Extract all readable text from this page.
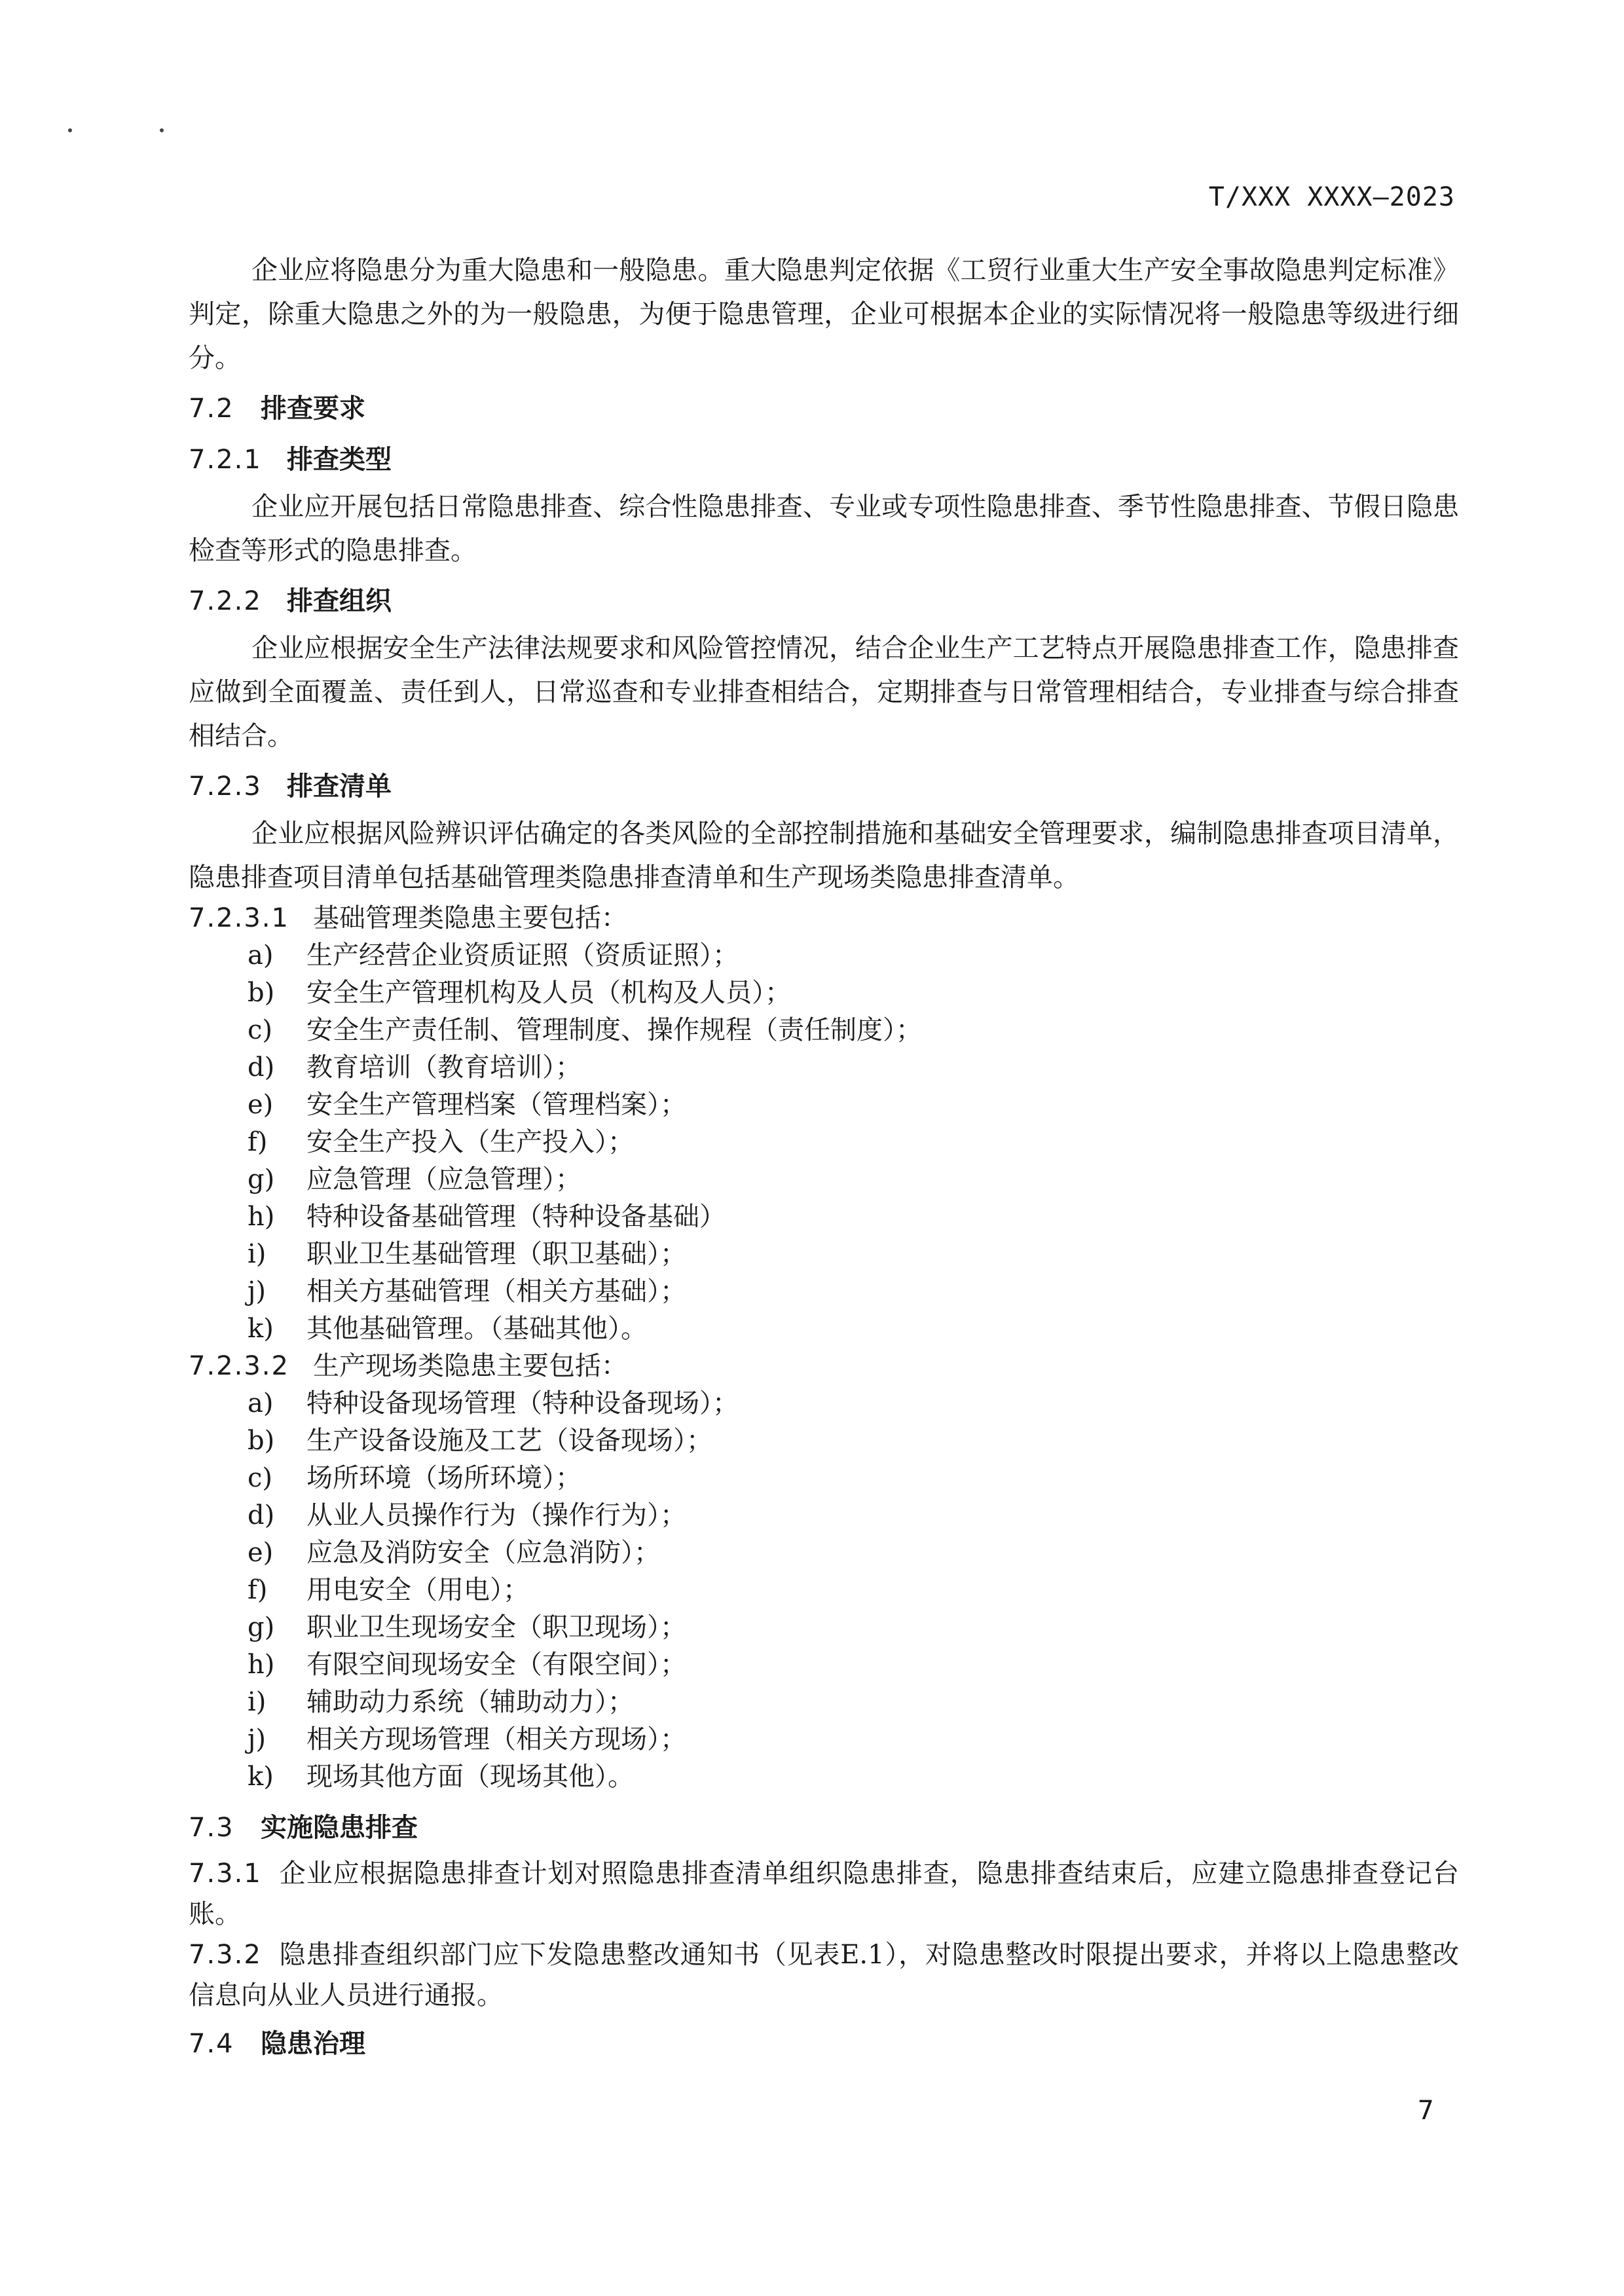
T/XXX XXXX—2023

企业应将隐患分为重大隐患和一般隐患。重大隐患判定依据《工贸行业重大生产安全事故隐患判定标准》判定，除重大隐患之外的为一般隐患，为便于隐患管理，企业可根据本企业的实际情况将一般隐患等级进行细分。

7.2 排查要求
7.2.1 排查类型

企业应开展包括日常隐患排查、综合性隐患排查、专业或专项性隐患排查、季节性隐患排查、节假日隐患检查等形式的隐患排查。

7.2.2 排查组织

企业应根据安全生产法律法规要求和风险管控情况，结合企业生产工艺特点开展隐患排查工作，隐患排查应做到全面覆盖、责任到人，日常巡查和专业排查相结合，定期排查与日常管理相结合，专业排查与综合排查相结合。

7.2.3 排查清单

企业应根据风险辨识评估确定的各类风险的全部控制措施和基础安全管理要求，编制隐患排查项目清单，隐患排查项目清单包括基础管理类隐患排查清单和生产现场类隐患排查清单。

7.2.3.1 基础管理类隐患主要包括：

a)	生产经营企业资质证照（资质证照）；
b)	安全生产管理机构及人员（机构及人员）；
c)	安全生产责任制、管理制度、操作规程（责任制度）；
d)	教育培训（教育培训）；
e)	安全生产管理档案（管理档案）；
f)	安全生产投入（生产投入）；
g)	应急管理（应急管理）；
h)	特种设备基础管理（特种设备基础）
i)	职业卫生基础管理（职卫基础）；
j)	相关方基础管理（相关方基础）；
k)	其他基础管理。（基础其他）。

7.2.3.2 生产现场类隐患主要包括：

a)	特种设备现场管理（特种设备现场）；
b)	生产设备设施及工艺（设备现场）；
c)	场所环境（场所环境）；
d)	从业人员操作行为（操作行为）；
e)	应急及消防安全（应急消防）；
f)	用电安全（用电）；
g)	职业卫生现场安全（职卫现场）；
h)	有限空间现场安全（有限空间）；
i)	辅助动力系统（辅助动力）；
j)	相关方现场管理（相关方现场）；
k)	现场其他方面（现场其他）。
7.3 实施隐患排查

7.3.1 企业应根据隐患排查计划对照隐患排查清单组织隐患排查，隐患排查结束后，应建立隐患排查登记台账。

7.3.2 隐患排查组织部门应下发隐患整改通知书（见表E.1），对隐患整改时限提出要求，并将以上隐患整改信息向从业人员进行通报。

7.4 隐患治理
7
